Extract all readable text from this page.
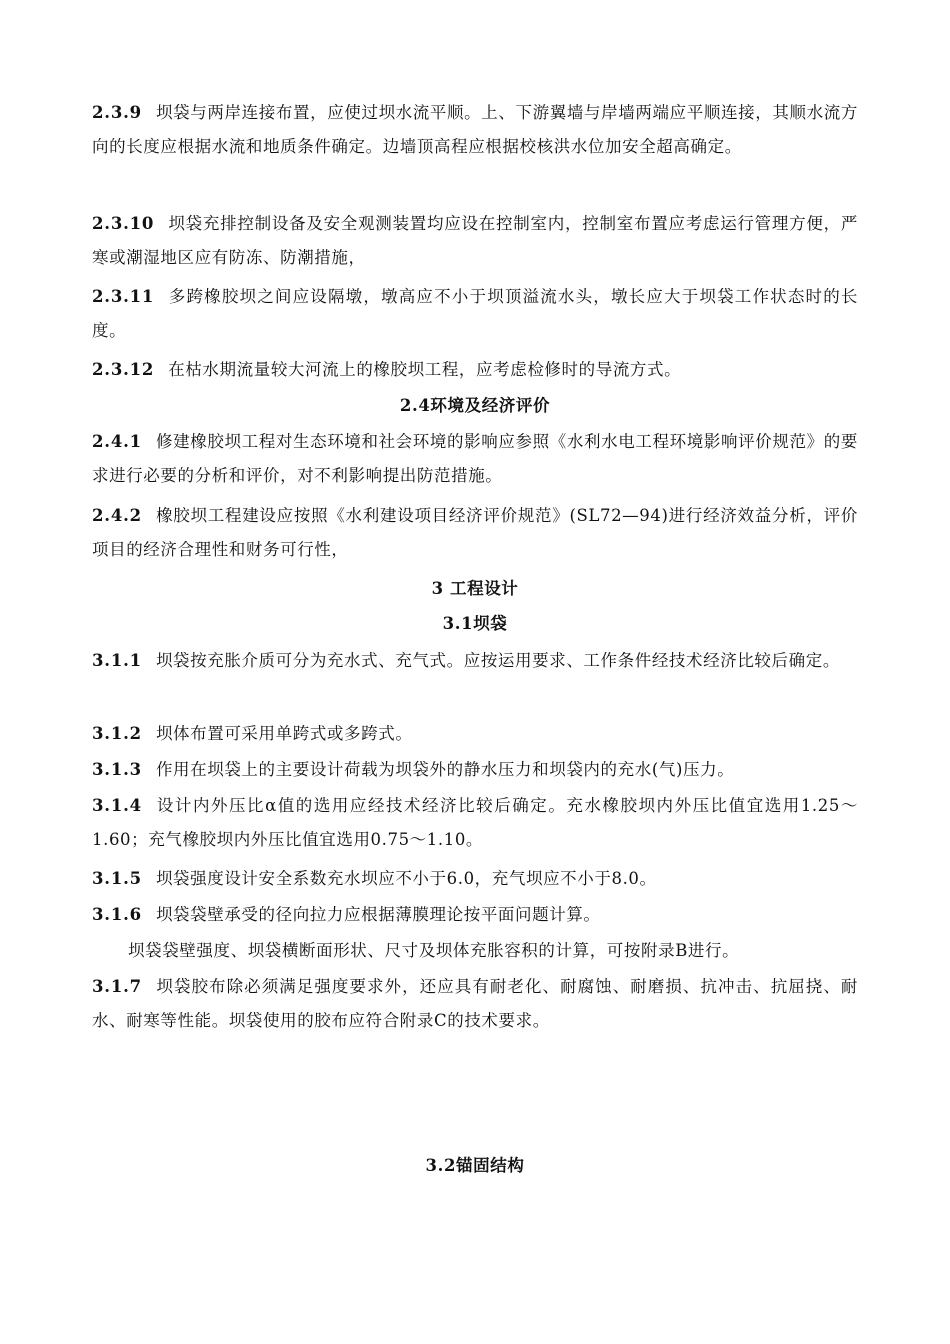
2.3.9 坝袋与两岸连接布置，应使过坝水流平顺。上、下游翼墙与岸墙两端应平顺连接，其顺水流方向的长度应根据水流和地质条件确定。边墙顶高程应根据校核洪水位加安全超高确定。

2.3.10 坝袋充排控制设备及安全观测装置均应设在控制室内，控制室布置应考虑运行管理方便，严寒或潮湿地区应有防冻、防潮措施，

2.3.11 多跨橡胶坝之间应设隔墩，墩高应不小于坝顶溢流水头，墩长应大于坝袋工作状态时的长度。

2.3.12 在枯水期流量较大河流上的橡胶坝工程，应考虑检修时的导流方式。

2.4环境及经济评价

2.4.1 修建橡胶坝工程对生态环境和社会环境的影响应参照《水利水电工程环境影响评价规范》的要求进行必要的分析和评价，对不利影响提出防范措施。

2.4.2 橡胶坝工程建设应按照《水利建设项目经济评价规范》(SL72—94)进行经济效益分析，评价项目的经济合理性和财务可行性，

3 工程设计
3.1坝袋

3.1.1 坝袋按充胀介质可分为充水式、充气式。应按运用要求、工作条件经技术经济比较后确定。

3.1.2 坝体布置可采用单跨式或多跨式。

3.1.3 作用在坝袋上的主要设计荷载为坝袋外的静水压力和坝袋内的充水(气)压力。

3.1.4 设计内外压比α值的选用应经技术经济比较后确定。充水橡胶坝内外压比值宜选用1.25～1.60；充气橡胶坝内外压比值宜选用0.75～1.10。

3.1.5 坝袋强度设计安全系数充水坝应不小于6.0，充气坝应不小于8.0。

3.1.6 坝袋袋壁承受的径向拉力应根据薄膜理论按平面问题计算。

坝袋袋壁强度、坝袋横断面形状、尺寸及坝体充胀容积的计算，可按附录B进行。

3.1.7 坝袋胶布除必须满足强度要求外，还应具有耐老化、耐腐蚀、耐磨损、抗冲击、抗屈挠、耐水、耐寒等性能。坝袋使用的胶布应符合附录C的技术要求。

3.2锚固结构
